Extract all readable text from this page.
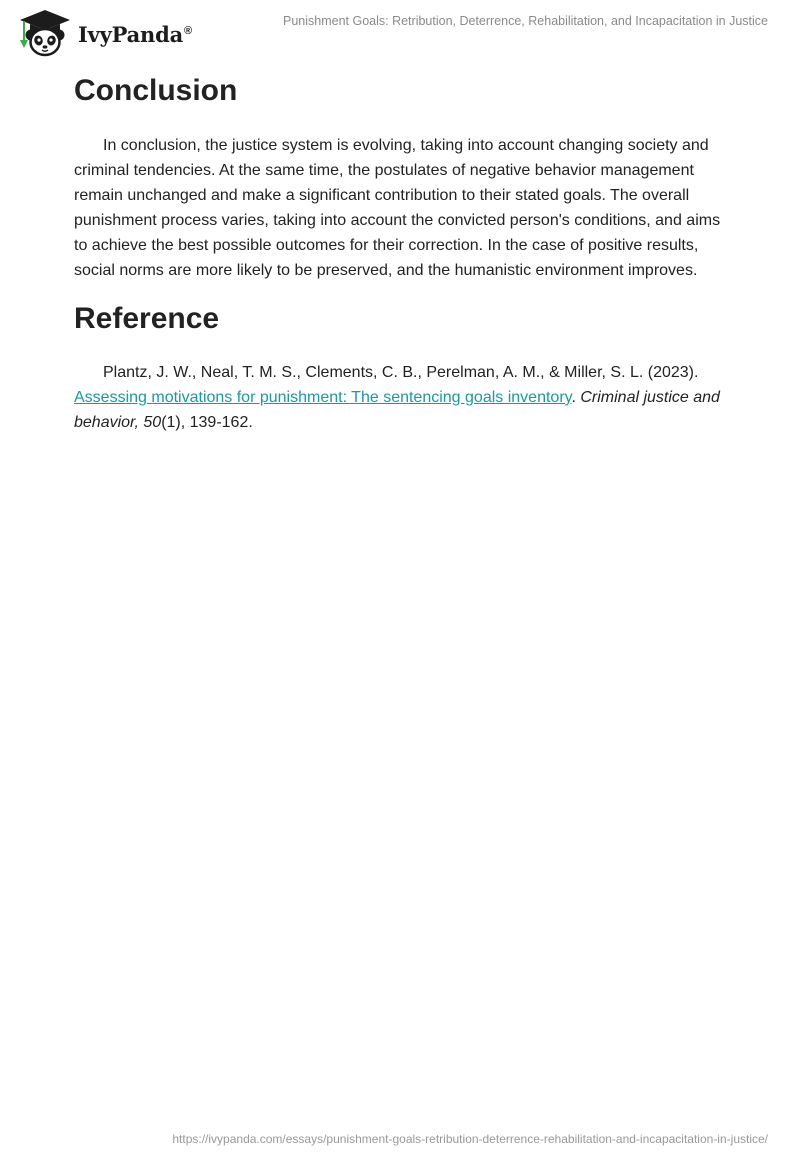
IvyPanda®
Punishment Goals: Retribution, Deterrence, Rehabilitation, and Incapacitation in Justice
Conclusion

In conclusion, the justice system is evolving, taking into account changing society and criminal tendencies. At the same time, the postulates of negative behavior management remain unchanged and make a significant contribution to their stated goals. The overall punishment process varies, taking into account the convicted person's conditions, and aims to achieve the best possible outcomes for their correction. In the case of positive results, social norms are more likely to be preserved, and the humanistic environment improves.

Reference

Plantz, J. W., Neal, T. M. S., Clements, C. B., Perelman, A. M., & Miller, S. L. (2023). Assessing motivations for punishment: The sentencing goals inventory. Criminal justice and behavior, 50(1), 139-162.

https://ivypanda.com/essays/punishment-goals-retribution-deterrence-rehabilitation-and-incapacitation-in-justice/
